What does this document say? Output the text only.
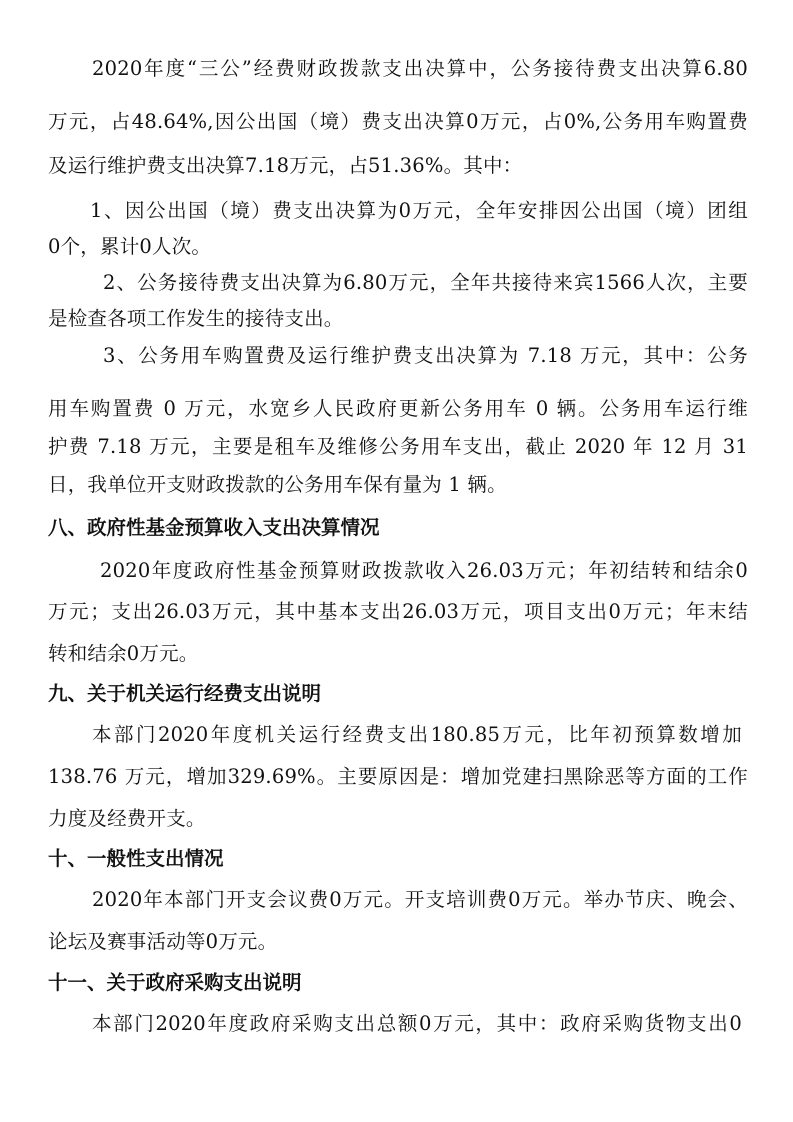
2020年度“三公”经费财政拨款支出决算中，公务接待费支出决算6.80
万元，占48.64%,因公出国（境）费支出决算0万元，占0%,公务用车购置费
及运行维护费支出决算7.18万元，占51.36%。其中：
1、因公出国（境）费支出决算为0万元，全年安排因公出国（境）团组
0个，累计0人次。
2、公务接待费支出决算为6.80万元，全年共接待来宾1566人次，主要
是检查各项工作发生的接待支出。
3、公务用车购置费及运行维护费支出决算为 7.18 万元，其中：公务
用车购置费 0 万元，水宽乡人民政府更新公务用车 0 辆。公务用车运行维
护费 7.18 万元，主要是租车及维修公务用车支出，截止 2020 年 12 月 31
日，我单位开支财政拨款的公务用车保有量为 1 辆。
八、政府性基金预算收入支出决算情况
2020年度政府性基金预算财政拨款收入26.03万元；年初结转和结余0
万元；支出26.03万元，其中基本支出26.03万元，项目支出0万元；年末结
转和结余0万元。
九、关于机关运行经费支出说明
本部门2020年度机关运行经费支出180.85万元，比年初预算数增加
138.76 万元，增加329.69%。主要原因是：增加党建扫黑除恶等方面的工作
力度及经费开支。
十、一般性支出情况
2020年本部门开支会议费0万元。开支培训费0万元。举办节庆、晚会、
论坛及赛事活动等0万元。
十一、关于政府采购支出说明
本部门2020年度政府采购支出总额0万元，其中：政府采购货物支出0
